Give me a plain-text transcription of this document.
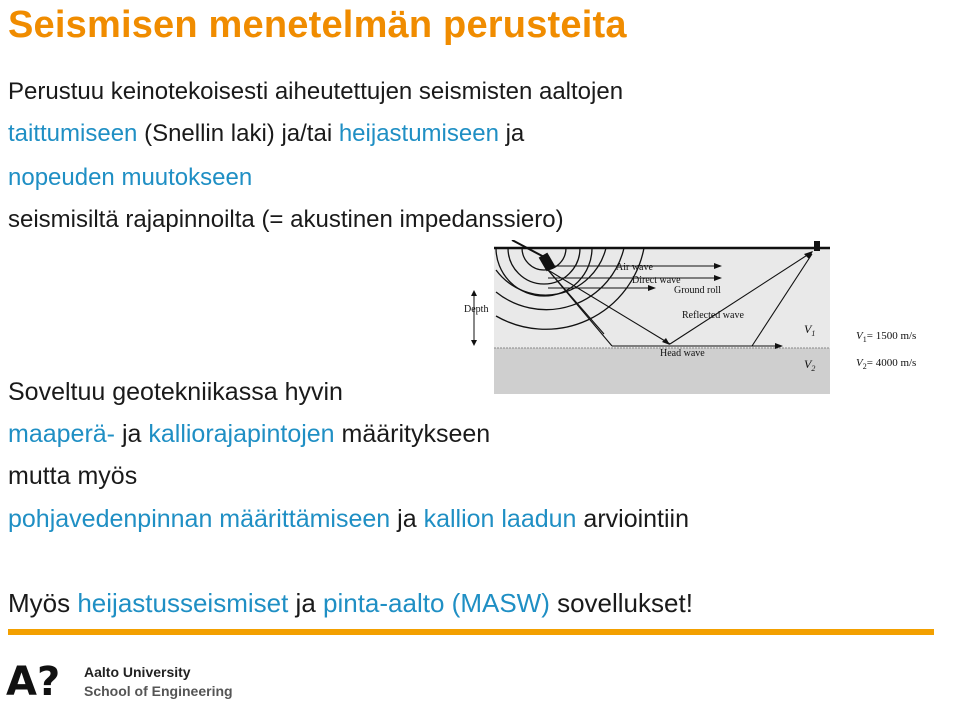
Seismisen menetelmän perusteita

Perustuu keinotekoisesti aiheutettujen seismisten aaltojen

taittumiseen (Snellin laki) ja/tai heijastumiseen ja

nopeuden muutokseen

seismisiltä rajapinnoilta (= akustinen impedanssiero)

Air wave
Direct wave
Ground roll
Reflected wave
Head wave
Depth
$V_1$
$V_2$
$V_1= 1500$ m/s
$V_2= 4000$ m/s

Soveltuu geotekniikassa hyvin

maaperä- ja kalliorajapintojen määritykseen

mutta myös

pohjavedenpinnan määrittämiseen ja kallion laadun arviointiin

Myös heijastusseismiset ja pinta-aalto (MASW) sovellukset!

A? Aalto University
School of Engineering
